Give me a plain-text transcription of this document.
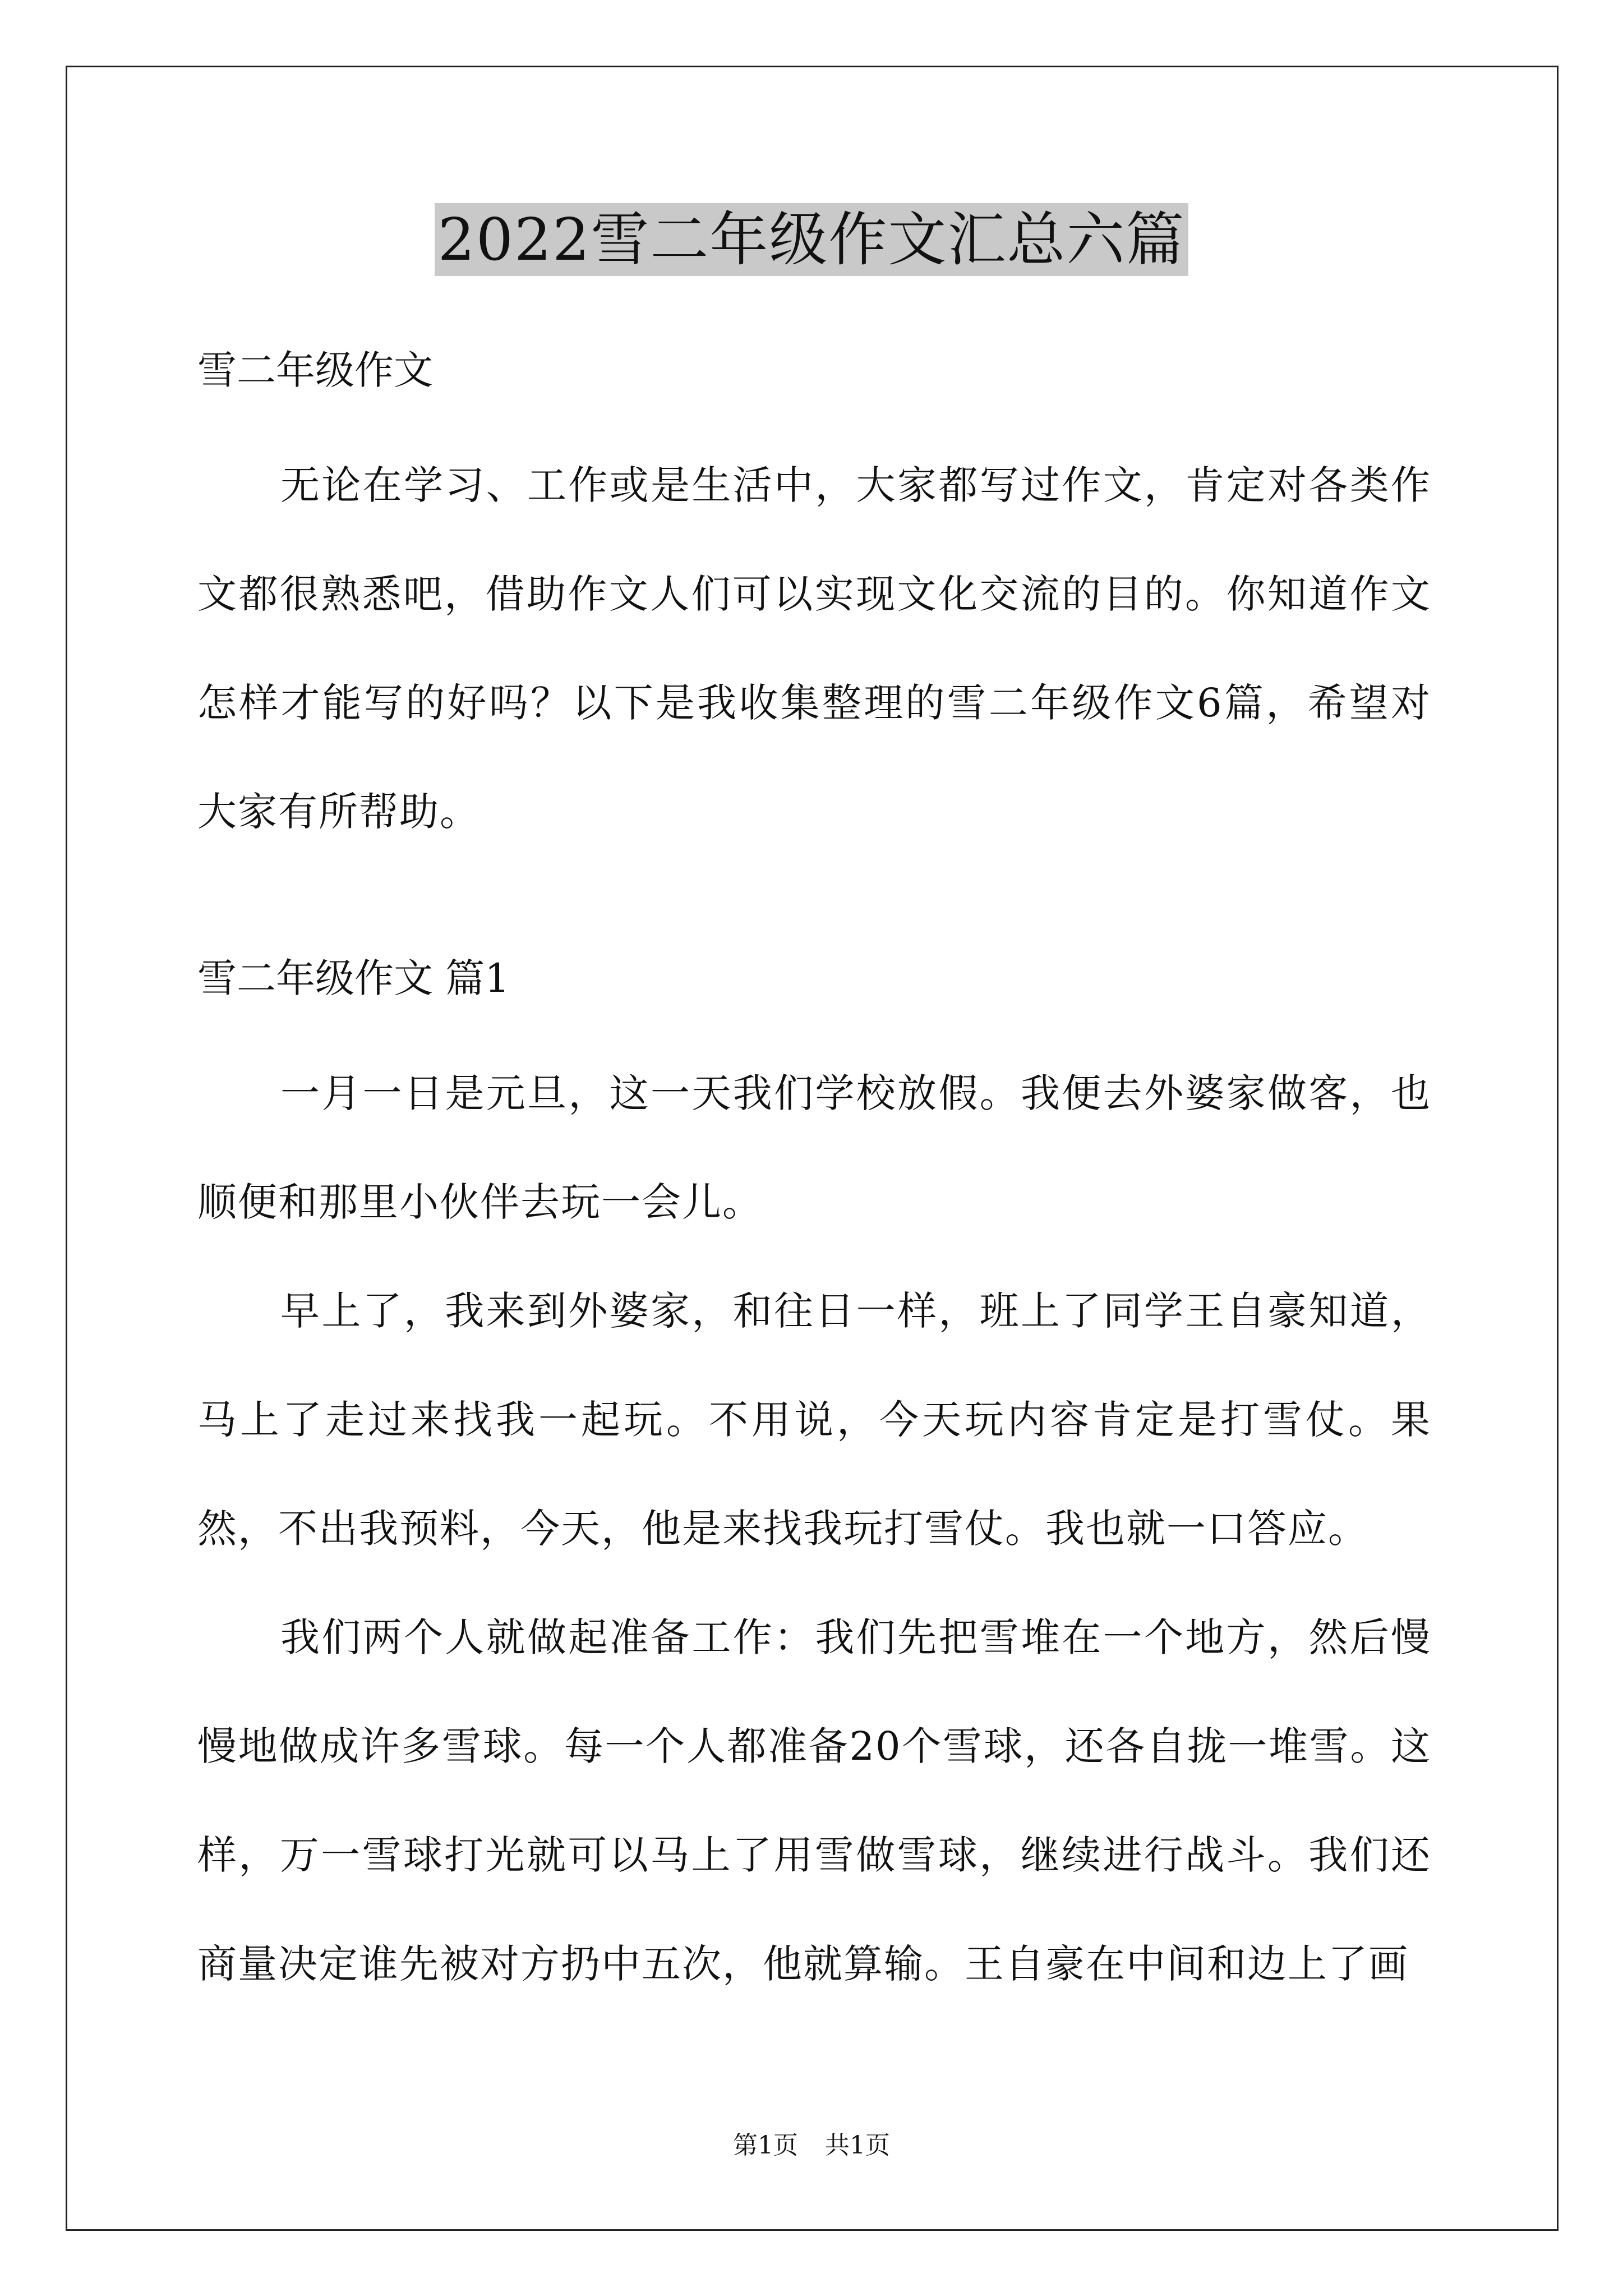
2022雪二年级作文汇总六篇

雪二年级作文

无论在学习、工作或是生活中，大家都写过作文，肯定对各类作文都很熟悉吧，借助作文人们可以实现文化交流的目的。你知道作文怎样才能写的好吗？以下是我收集整理的雪二年级作文6篇，希望对大家有所帮助。

雪二年级作文 篇1

一月一日是元旦，这一天我们学校放假。我便去外婆家做客，也顺便和那里小伙伴去玩一会儿。

早上了，我来到外婆家，和往日一样，班上了同学王自豪知道，马上了走过来找我一起玩。不用说，今天玩内容肯定是打雪仗。果然，不出我预料，今天，他是来找我玩打雪仗。我也就一口答应。

我们两个人就做起准备工作：我们先把雪堆在一个地方，然后慢慢地做成许多雪球。每一个人都准备20个雪球，还各自拢一堆雪。这样，万一雪球打光就可以马上了用雪做雪球，继续进行战斗。我们还商量决定谁先被对方扔中五次，他就算输。王自豪在中间和边上了画

第1页 共1页
